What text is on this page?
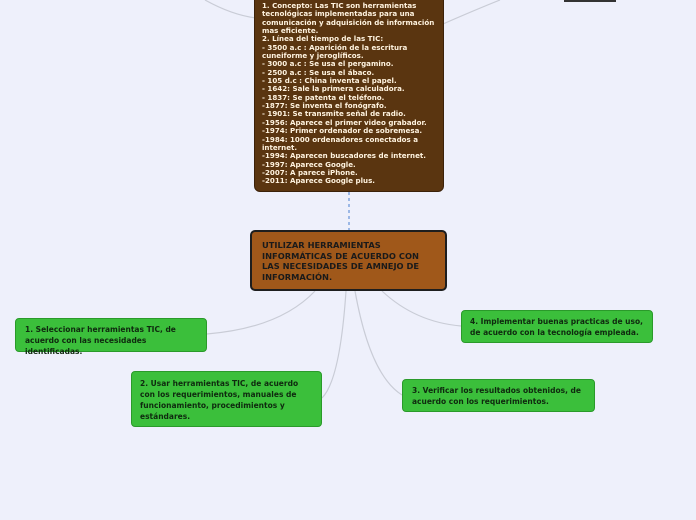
1. Concepto: Las TIC son herramientas
tecnológicas implementadas para una
comunicación y adquisición de información
mas eficiente.
2. Línea del tiempo de las TIC:
- 3500 a.c : Aparición de la escritura
cuneiforme y jeroglíficos.
- 3000 a.c : Se usa el pergamino.
- 2500 a.c : Se usa el ábaco.
- 105 d.c : China inventa el papel.
- 1642: Sale la primera calculadora.
- 1837: Se patenta el teléfono.
-1877: Se inventa el fonógrafo.
- 1901: Se transmite señal de radio.
-1956: Aparece el primer video grabador.
-1974: Primer ordenador de sobremesa.
-1984: 1000 ordenadores conectados a
internet.
-1994: Aparecen buscadores de internet.
-1997: Aparece Google.
-2007: A parece iPhone.
-2011: Aparece Google plus.
UTILIZAR HERRAMIENTAS INFORMÁTICAS DE ACUERDO CON LAS NECESIDADES DE AMNEJO DE INFORMACIÓN.
1. Seleccionar herramientas TIC, de acuerdo con las necesidades identificadas.
2. Usar herramientas TIC, de acuerdo con los requerimientos, manuales de funcionamiento, procedimientos y estándares.
3. Verificar los resultados obtenidos, de acuerdo con los requerimientos.
4. Implementar buenas practicas de uso, de acuerdo con la tecnología empleada.
